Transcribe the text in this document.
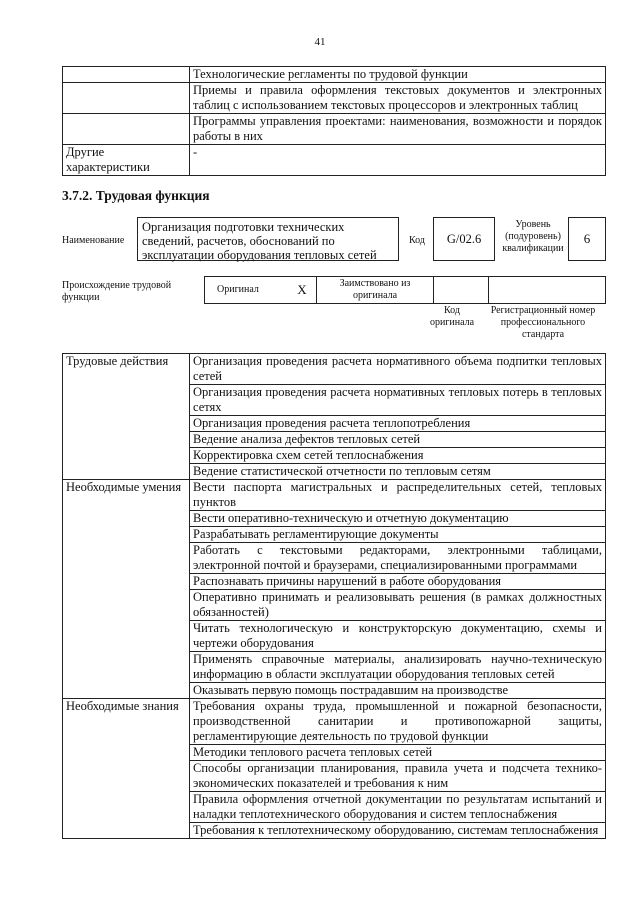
41
	Технологические регламенты по трудовой функции
	Приемы и правила оформления текстовых документов и электронных таблиц с использованием текстовых процессоров и электронных таблиц
	Программы управления проектами: наименования, возможности и порядок работы в них
Другие характеристики	-
3.7.2. Трудовая функция
Наименование
Организация подготовки технических сведений, расчетов, обоснований по эксплуатации оборудования тепловых сетей
Код	G/02.6
Уровень (подуровень) квалификации
6
Происхождение трудовой функции
Оригинал	X	Заимствовано из оригинала		
Код оригинала
Регистрационный номер профессионального стандарта
Трудовые действия	Организация проведения расчета нормативного объема подпитки тепловых сетей
	Организация проведения расчета нормативных тепловых потерь в тепловых сетях
	Организация проведения расчета теплопотребления
	Ведение анализа дефектов тепловых сетей
	Корректировка схем сетей теплоснабжения
	Ведение статистической отчетности по тепловым сетям
Необходимые умения	Вести паспорта магистральных и распределительных сетей, тепловых пунктов
	Вести оперативно-техническую и отчетную документацию
	Разрабатывать регламентирующие документы
	Работать с текстовыми редакторами, электронными таблицами, электронной почтой и браузерами, специализированными программами
	Распознавать причины нарушений в работе оборудования
	Оперативно принимать и реализовывать решения (в рамках должностных обязанностей)
	Читать технологическую и конструкторскую документацию, схемы и чертежи оборудования
	Применять справочные материалы, анализировать научно-техническую информацию в области эксплуатации оборудования тепловых сетей
	Оказывать первую помощь пострадавшим на производстве
Необходимые знания	Требования охраны труда, промышленной и пожарной безопасности, производственной санитарии и противопожарной защиты, регламентирующие деятельность по трудовой функции
	Методики теплового расчета тепловых сетей
	Способы организации планирования, правила учета и подсчета технико-экономических показателей и требования к ним
	Правила оформления отчетной документации по результатам испытаний и наладки теплотехнического оборудования и систем теплоснабжения
	Требования к теплотехническому оборудованию, системам теплоснабжения
